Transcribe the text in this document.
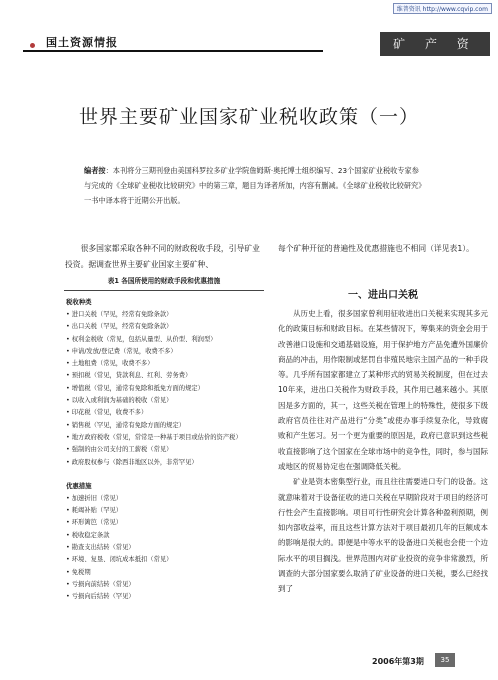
维普资讯 http://www.cqvip.com
国土资源情报	矿 产 资 源
世界主要矿业国家矿业税收政策（一）
编者按：本刊将分三期刊登由美国科罗拉多矿业学院詹姆斯·奥托博士组织编写、23个国家矿业税收专家参与完成的《全球矿业税收比较研究》中的第三章，题目为译者所加，内容有删减。《全球矿业税收比较研究》一书中译本将于近期公开出版。
很多国家都采取各种不同的财政税收手段，引导矿业投资。据调查世界主要矿业国家主要矿种、
每个矿种开征的普遍性及优惠措施也不相同（详见表1）。
表1 各国所使用的财政手段和优惠措施
税收种类
• 进口关税（罕见，经常有免除条款）
• 出口关税（罕见，经常有免除条款）
• 权利金税收（常见，包括从量型、从价型、利润型）
• 申请/发放/登记费（常见，收费不多）
• 土地租费（常见，收费不多）
• 预扣税（常见，贷款利息、红利、劳务费）
• 增值税（常见，通常有免除和抵免方面的规定）
• 以收入或利润为基础的税收（常见）
• 印花税（常见，收费不多）
• 销售税（罕见，通常有免除方面的规定）
• 地方政府税收（常见，常常是一种基于项目或估价的资产税）
• 强制的由公司支付的工薪税（常见）
• 政府股权参与（除西非地区以外，非常罕见）
优惠措施
• 加速折旧（常见）
• 耗竭补贴（罕见）
• 环形篱笆（常见）
• 税收稳定条款
• 勘查支出结转（常见）
• 环境、复垦、闭坑成本抵扣（常见）
• 免税期
• 亏损向前结转（常见）
• 亏损向后结转（罕见）
一、进出口关税

从历史上看，很多国家曾利用征收进出口关税来实现其多元化的政策目标和财政目标。在某些情况下，筹集来的资金会用于改善港口设施和交通基础设施，用于保护地方产品免遭外国廉价商品的冲击，用作限制或惩罚自非殖民地宗主国产品的一种手段等。几乎所有国家都建立了某种形式的贸易关税制度，但在过去10年来，进出口关税作为财政手段，其作用已越来越小。其原因是多方面的，其一，这些关税在管理上的特殊性，使很多下级政府官员往往对产品进行“分类”或使办事手续复杂化，导致腐败和产生惩习。另一个更为重要的原因是，政府已意识到这些税收直接影响了这个国家在全球市场中的竞争性，同时，参与国际或地区的贸易协定也在强调降低关税。

矿业是资本密集型行业，而且往往需要进口专门的设备。这就意味着对于设备征收的进口关税在早期阶段对于项目的经济可行性会产生直接影响。项目可行性研究会计算各种盈利预期，例如内部收益率，而且这些计算方法对于项目最初几年的巨额成本的影响是很大的。即便是中等水平的设备进口关税也会使一个边际水平的项目搁浅。世界范围内对矿业投资的竞争非常激烈，所调查的大部分国家要么取消了矿业设备的进口关税，要么已经找到了

2006年第3期	35
